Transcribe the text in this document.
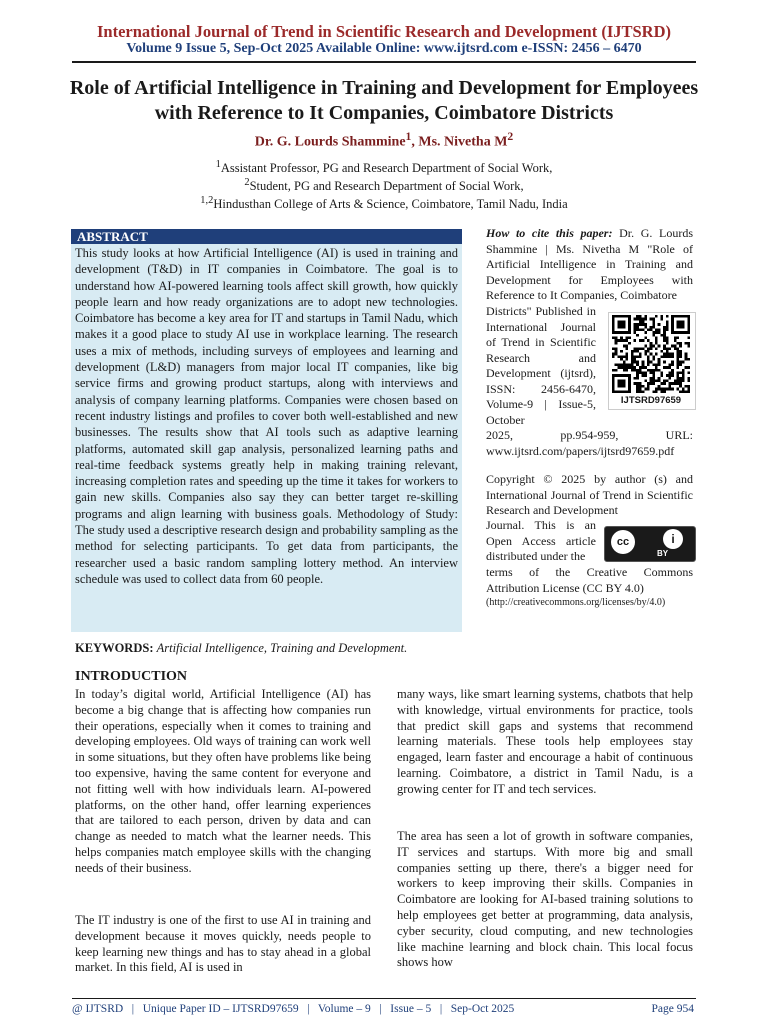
International Journal of Trend in Scientific Research and Development (IJTSRD)
Volume 9 Issue 5, Sep-Oct 2025 Available Online: www.ijtsrd.com e-ISSN: 2456 – 6470
Role of Artificial Intelligence in Training and Development for Employees with Reference to It Companies, Coimbatore Districts
Dr. G. Lourds Shammine$^1$, Ms. Nivetha $M^2$
$^1$Assistant Professor, PG and Research Department of Social Work,
$^2$Student, PG and Research Department of Social Work,
$^{1,2}$Hindusthan College of Arts & Science, Coimbatore, Tamil Nadu, India
ABSTRACT
This study looks at how Artificial Intelligence (AI) is used in training and development (T&D) in IT companies in Coimbatore. The goal is to understand how AI-powered learning tools affect skill growth, how quickly people learn and how ready organizations are to adopt new technologies. Coimbatore has become a key area for IT and startups in Tamil Nadu, which makes it a good place to study AI use in workplace learning. The research uses a mix of methods, including surveys of employees and learning and development (L&D) managers from major local IT companies, like big service firms and growing product startups, along with interviews and analysis of company learning platforms. Companies were chosen based on recent industry listings and profiles to cover both well-established and new businesses. The results show that AI tools such as adaptive learning platforms, automated skill gap analysis, personalized learning paths and real-time feedback systems greatly help in making training relevant, increasing completion rates and speeding up the time it takes for workers to gain new skills. Companies also say they can better target re-skilling programs and align learning with business goals. Methodology of Study: The study used a descriptive research design and probability sampling as the method for selecting participants. To get data from participants, the researcher used a basic random sampling lottery method. An interview schedule was used to collect data from 60 people.
KEYWORDS: Artificial Intelligence, Training and Development.
How to cite this paper: Dr. G. Lourds Shammine | Ms. Nivetha M "Role of Artificial Intelligence in Training and Development for Employees with Reference to It Companies, Coimbatore
Districts" Published in International Journal of Trend in Scientific Research and Development (ijtsrd), ISSN: 2456-6470, Volume-9 | Issue-5, October
IJTSRD97659
2025, pp.954-959, URL: www.ijtsrd.com/papers/ijtsrd97659.pdf
Copyright © 2025 by author (s) and International Journal of Trend in Scientific Research and Development
Journal. This is an Open Access article distributed under the
cc	i
BY
terms of the Creative Commons Attribution License (CC BY 4.0)
(http://creativecommons.org/licenses/by/4.0)
INTRODUCTION
In today’s digital world, Artificial Intelligence (AI) has become a big change that is affecting how companies run their operations, especially when it comes to training and developing employees. Old ways of training can work well in some situations, but they often have problems like being too expensive, having the same content for everyone and not fitting well with how individuals learn. AI-powered platforms, on the other hand, offer learning experiences that are tailored to each person, driven by data and can change as needed to match what the learner needs. This helps companies match employee skills with the changing needs of their business.
The IT industry is one of the first to use AI in training and development because it moves quickly, needs people to keep learning new things and has to stay ahead in a global market. In this field, AI is used in
many ways, like smart learning systems, chatbots that help with knowledge, virtual environments for practice, tools that predict skill gaps and systems that recommend learning materials. These tools help employees stay engaged, learn faster and encourage a habit of continuous learning. Coimbatore, a district in Tamil Nadu, is a growing center for IT and tech services.
The area has seen a lot of growth in software companies, IT services and startups. With more big and small companies setting up there, there's a bigger need for workers to keep improving their skills. Companies in Coimbatore are looking for AI-based training solutions to help employees get better at programming, data analysis, cyber security, cloud computing, and new technologies like machine learning and block chain. This local focus shows how
@ IJTSRD   |   Unique Paper ID – IJTSRD97659   |   Volume – 9   |   Issue – 5   |   Sep-Oct 2025	Page 954
